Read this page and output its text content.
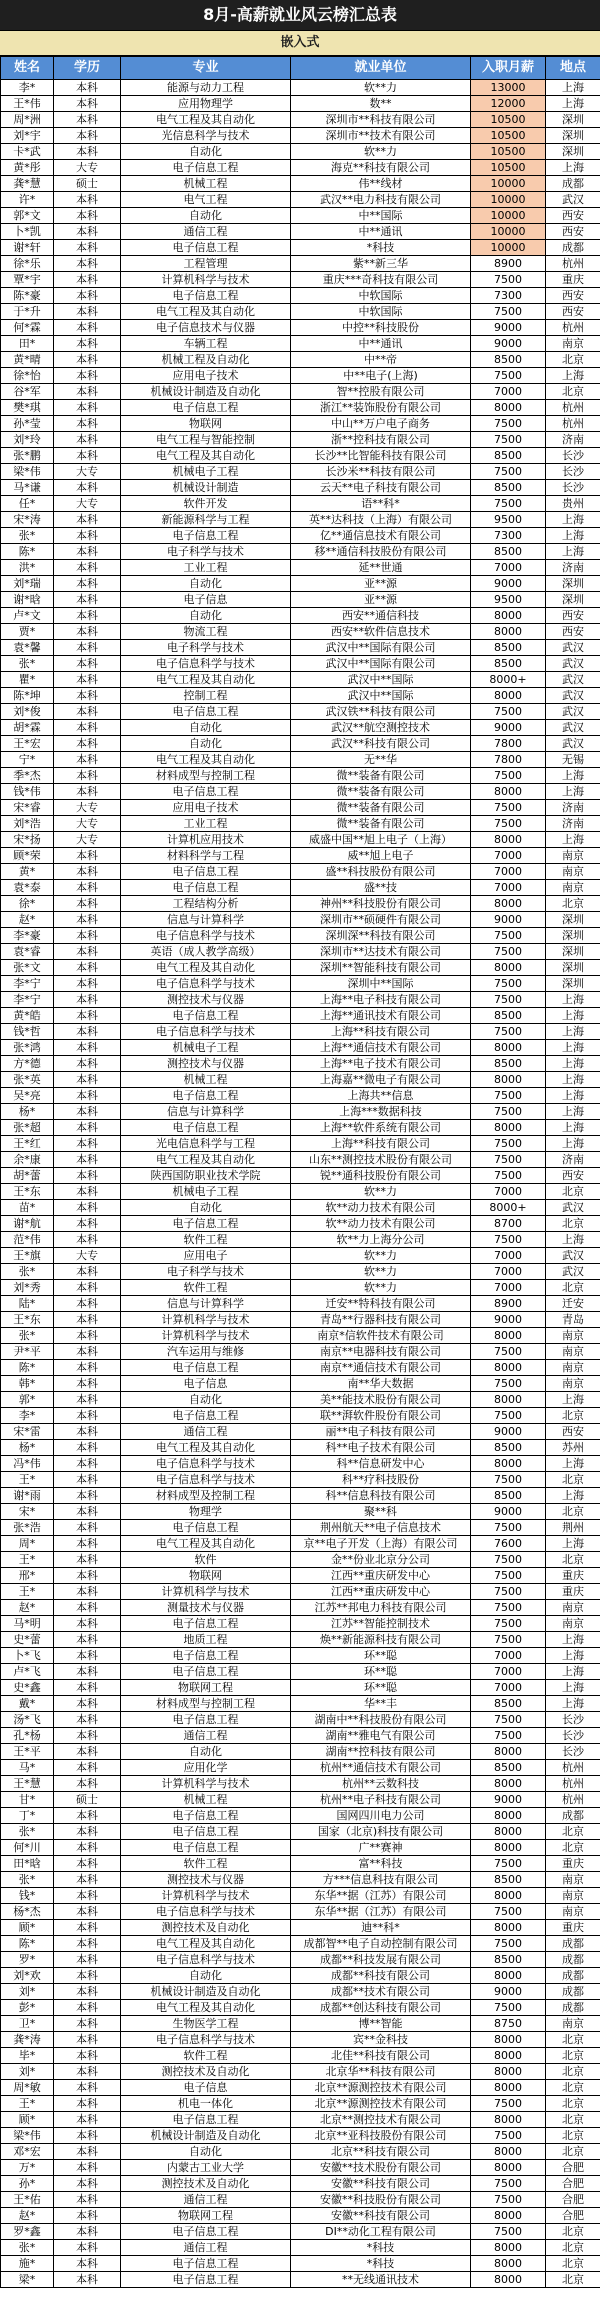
8月-高薪就业风云榜汇总表
嵌入式
姓名	学历	专业	就业单位	入职月薪	地点
李*	本科	能源与动力工程	软**力	13000	上海
王*伟	本科	应用物理学	数**	12000	上海
周*洲	本科	电气工程及其自动化	深圳市**科技有限公司	10500	深圳
刘*宇	本科	光信息科学与技术	深圳市**技术有限公司	10500	深圳
卡*武	本科	自动化	软**力	10500	深圳
黄*彤	大专	电子信息工程	海克**科技有限公司	10500	上海
龚*慧	硕士	机械工程	伟**线材	10000	成都
许*	本科	电气工程	武汉**电力科技有限公司	10000	武汉
郭*文	本科	自动化	中**国际	10000	西安
卜*凯	本科	通信工程	中**通讯	10000	西安
谢*轩	本科	电子信息工程	*科技	10000	成都
徐*乐	本科	工程管理	紫**新三华	8900	杭州
覃*宇	本科	计算机科学与技术	重庆***奇科技有限公司	7500	重庆
陈*豪	本科	电子信息工程	中软国际	7300	西安
于*升	本科	电气工程及其自动化	中软国际	7500	西安
何*霖	本科	电子信息技术与仪器	中控**科技股份	9000	杭州
田*	本科	车辆工程	中**通讯	9000	南京
黄*晴	本科	机械工程及自动化	中**帝	8500	北京
徐*怡	本科	应用电子技术	中**电子(上海)	7500	上海
谷*军	本科	机械设计制造及自动化	智**控股有限公司	7000	北京
樊*琪	本科	电子信息工程	浙江**装饰股份有限公司	8000	杭州
孙*莹	本科	物联网	中山**万户电子商务	7500	杭州
刘*玲	本科	电气工程与智能控制	浙**控科技有限公司	7500	济南
张*鹏	本科	电气工程及其自动化	长沙**比智能科技有限公司	8500	长沙
梁*伟	大专	机械电子工程	长沙米**科技有限公司	7500	长沙
马*谦	本科	机械设计制造	云天**电子科技有限公司	8500	长沙
任*	大专	软件开发	语**科*	7500	贵州
宋*涛	本科	新能源科学与工程	英**达科技（上海）有限公司	9500	上海
张*	本科	电子信息工程	亿**通信息技术有限公司	7300	上海
陈*	本科	电子科学与技术	移**通信科技股份有限公司	8500	上海
洪*	本科	工业工程	延**世通	7000	济南
刘*瑞	本科	自动化	亚**源	9000	深圳
谢*晗	本科	电子信息	亚**源	9500	深圳
卢*文	本科	自动化	西安**通信科技	8000	西安
贾*	本科	物流工程	西安**软件信息技术	8000	西安
袁*馨	本科	电子科学与技术	武汉中**国际有限公司	8500	武汉
张*	本科	电子信息科学与技术	武汉中**国际有限公司	8500	武汉
瞿*	本科	电气工程及其自动化	武汉中**国际	8000+	武汉
陈*坤	本科	控制工程	武汉中**国际	8000	武汉
刘*俊	本科	电子信息工程	武汉铁**科技有限公司	7500	武汉
胡*霖	本科	自动化	武汉**航空测控技术	9000	武汉
王*宏	本科	自动化	武汉**科技有限公司	7800	武汉
宁*	本科	电气工程及其自动化	无**华	7800	无锡
季*杰	本科	材料成型与控制工程	微**装备有限公司	7500	上海
钱*伟	本科	电子信息工程	微**装备有限公司	8000	上海
宋*睿	大专	应用电子技术	微**装备有限公司	7500	济南
刘*浩	大专	工业工程	微**装备有限公司	7500	济南
宋*扬	大专	计算机应用技术	威盛中国**旭上电子（上海）	8000	上海
顾*荣	本科	材料科学与工程	威**旭上电子	7000	南京
黄*	本科	电子信息工程	盛**科技股份有限公司	7000	南京
袁*泰	本科	电子信息工程	盛**技	7000	南京
徐*	本科	工程结构分析	神州**科技股份有限公司	8000	北京
赵*	本科	信息与计算科学	深圳市**硕硬件有限公司	9000	深圳
李*豪	本科	电子信息科学与技术	深圳深**科技有限公司	7500	深圳
袁*睿	本科	英语（成人教学高级）	深圳市**达技术有限公司	7500	深圳
张*文	本科	电气工程及其自动化	深圳**智能科技有限公司	8000	深圳
李*宁	本科	电子信息科学与技术	深圳中**国际	7500	深圳
李*宁	本科	测控技术与仪器	上海**电子科技有限公司	7500	上海
黄*皓	本科	电子信息工程	上海**通讯技术有限公司	8500	上海
钱*哲	本科	电子信息科学与技术	上海**科技有限公司	7500	上海
张*鸿	本科	机械电子工程	上海**通信技术有限公司	8000	上海
方*德	本科	测控技术与仪器	上海**电子技术有限公司	8500	上海
张*英	本科	机械工程	上海嘉**微电子有限公司	8000	上海
吴*亮	本科	电子信息工程	上海共**信息	7500	上海
杨*	本科	信息与计算科学	上海***数据科技	7500	上海
张*超	本科	电子信息工程	上海**软件系统有限公司	8000	上海
王*红	本科	光电信息科学与工程	上海**科技有限公司	7500	上海
余*康	本科	电气工程及其自动化	山东**测控技术股份有限公司	7500	济南
胡*蕾	本科	陕西国防职业技术学院	锐**通科技股份有限公司	7500	西安
王*东	本科	机械电子工程	软**力	7000	北京
苗*	本科	自动化	软**动力技术有限公司	8000+	武汉
谢*航	本科	电子信息工程	软**动力技术有限公司	8700	北京
范*伟	本科	软件工程	软**力上海分公司	7500	上海
王*旗	大专	应用电子	软**力	7000	武汉
张*	本科	电子科学与技术	软**力	7000	武汉
刘*秀	本科	软件工程	软**力	7000	北京
陆*	本科	信息与计算科学	迁安**特科技有限公司	8900	迁安
王*东	本科	计算机科学与技术	青岛**行器科技有限公司	9000	青岛
张*	本科	计算机科学与技术	南京*信软件技术有限公司	8000	南京
尹*平	本科	汽车运用与维修	南京**电器科技有限公司	7500	南京
陈*	本科	电子信息工程	南京**通信技术有限公司	8000	南京
韩*	本科	电子信息	南**华大数据	7500	南京
郭*	本科	自动化	美**能技术股份有限公司	8000	上海
李*	本科	电子信息工程	联**湃软件股份有限公司	7500	北京
宋*雷	本科	通信工程	丽**电子科技有限公司	9000	西安
杨*	本科	电气工程及其自动化	科**电子技术有限公司	8500	苏州
冯*伟	本科	电子信息科学与技术	科**信息研发中心	8000	上海
王*	本科	电子信息科学与技术	科**疗科技股份	7500	北京
谢*雨	本科	材料成型及控制工程	科**信息科技有限公司	8500	上海
宋*	本科	物理学	聚**科	9000	北京
张*浩	本科	电子信息工程	荆州航天**电子信息技术	7500	荆州
周*	本科	电气工程及其自动化	京**电子开发（上海）有限公司	7600	上海
王*	本科	软件	金**份业北京分公司	7500	北京
邢*	本科	物联网	江西**重庆研发中心	7500	重庆
王*	本科	计算机科学与技术	江西**重庆研发中心	7500	重庆
赵*	本科	测量技术与仪器	江苏**邦电力科技有限公司	7500	南京
马*明	本科	电子信息工程	江苏**智能控制技术	7500	南京
史*蕾	本科	地质工程	焕**新能源科技有限公司	7500	上海
卜*飞	本科	电子信息工程	环**聪	7000	上海
卢*飞	本科	电子信息工程	环**聪	7000	上海
史*鑫	本科	物联网工程	环**聪	7000	上海
戴*	本科	材料成型与控制工程	华**丰	8500	上海
汤*飞	本科	电子信息工程	湖南中**科技股份有限公司	7500	长沙
孔*杨	本科	通信工程	湖南**雅电气有限公司	7500	长沙
王*平	本科	自动化	湖南**控科技有限公司	8000	长沙
马*	本科	应用化学	杭州**通信技术有限公司	8500	杭州
王*慧	本科	计算机科学与技术	杭州**云数科技	8000	杭州
甘*	硕士	机械工程	杭州**电子科技有限公司	9000	杭州
丁*	本科	电子信息工程	国网四川电力公司	8000	成都
张*	本科	电子信息工程	国家（北京)科技有限公司	8000	北京
何*川	本科	电子信息工程	广**赛神	8000	北京
田*晗	本科	软件工程	富**科技	7500	重庆
张*	本科	测控技术与仪器	方***信息科技有限公司	8500	南京
钱*	本科	计算机科学与技术	东华**据（江苏）有限公司	8000	南京
杨*杰	本科	电子信息科学与技术	东华**据（江苏）有限公司	7500	南京
顾*	本科	测控技术及自动化	迪**科*	8000	重庆
陈*	本科	电气工程及其自动化	成都智**电子自动控制有限公司	7500	成都
罗*	本科	电子信息科学与技术	成都**科技发展有限公司	8500	成都
刘*欢	本科	自动化	成都**科技有限公司	8000	成都
刘*	本科	机械设计制造及自动化	成都**技术有限公司	9000	成都
彭*	本科	电气工程及其自动化	成都**创达科技有限公司	7500	成都
卫*	本科	生物医学工程	博**智能	8750	南京
龚*涛	本科	电子信息科学与技术	宾**金科技	8000	北京
毕*	本科	软件工程	北佳**科技有限公司	8000	北京
刘*	本科	测控技术及自动化	北京华**科技有限公司	8000	北京
周*敏	本科	电子信息	北京**源测控技术有限公司	8000	北京
王*	本科	机电一体化	北京**源测控技术有限公司	7500	北京
顾*	本科	电子信息工程	北京**测控技术有限公司	8000	北京
梁*伟	本科	机械设计制造及自动化	北京**亚科技股份有限公司	7500	北京
邓*宏	本科	自动化	北京**科技有限公司	8000	北京
万*	本科	内蒙古工业大学	安徽**技术股份有限公司	8000	合肥
孙*	本科	测控技术及自动化	安徽**科技有限公司	7500	合肥
王*佑	本科	通信工程	安徽**科技股份有限公司	7500	合肥
赵*	本科	物联网工程	安徽**科技有限公司	8000	合肥
罗*鑫	本科	电子信息工程	DI**动化工程有限公司	7500	北京
张*	本科	通信工程	*科技	8000	北京
施*	本科	电子信息工程	*科技	8000	北京
梁*	本科	电子信息工程	**无线通讯技术	8000	北京
